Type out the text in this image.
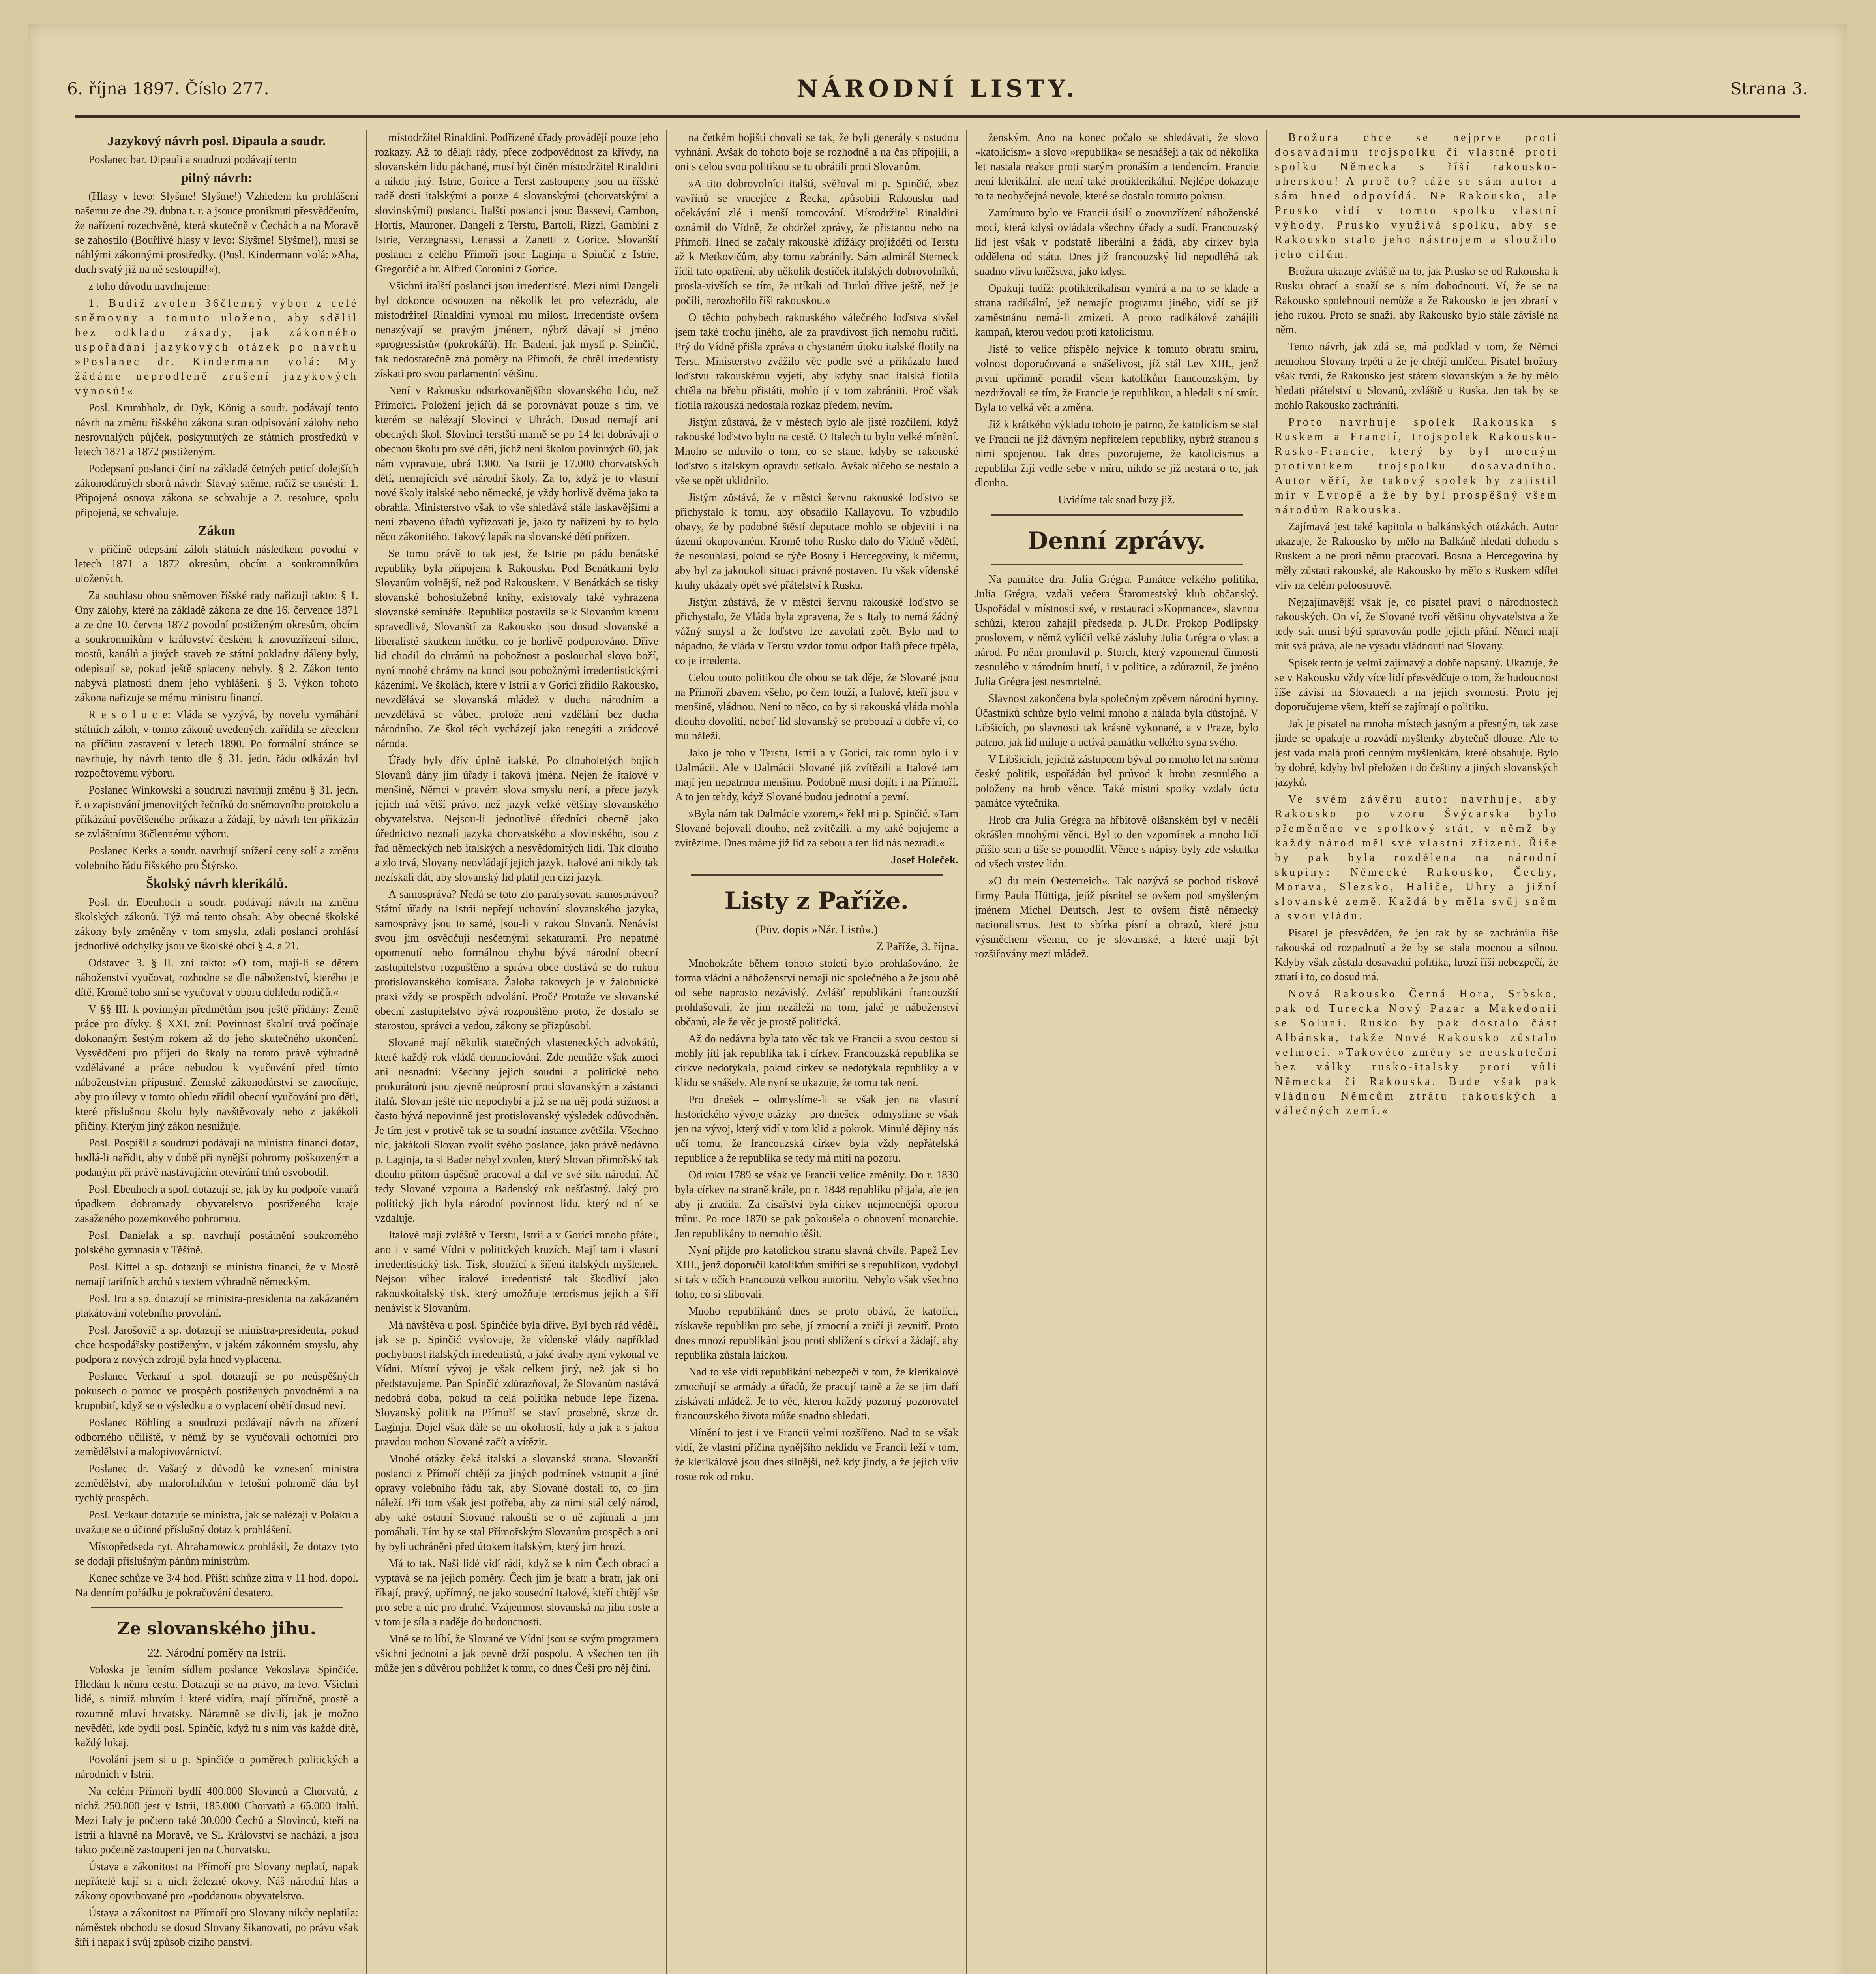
6. října 1897. Číslo 277.	NÁRODNÍ LISTY.	Strana 3.

Jazykový návrh posl. Dipaula a soudr.

Poslanec bar. Dipauli a soudruzi podávají tento

pilný návrh:

(Hlasy v levo: Slyšme! Slyšme!) Vzhledem ku prohlášení našemu ze dne 29. dubna t. r. a jsouce proniknuti přesvědčením, že nařízení rozechvěné, která skutečně v Čechách a na Moravě se zahostilo (Bouřlivé hlasy v levo: Slyšme! Slyšme!), musí se náhlými zákonnými prostředky. (Posl. Kindermann volá: »Aha, duch svatý již na ně sestoupil!«),

z toho důvodu navrhujeme:

1. Budiž zvolen 36členný výbor z celé sněmovny a tomuto uloženo, aby sdělil bez odkladu zásady, jak zákonného uspořádání jazykových otázek po návrhu »Poslanec dr. Kindermann volá: My žádáme neprodleně zrušení jazykových výnosů!«

Posl. Krumbholz, dr. Dyk, König a soudr. podávají tento návrh na změnu říšského zákona stran odpisování zálohy nebo nesrovnalých půjček, poskytnutých ze státních prostředků v letech 1871 a 1872 postiženým.

Podepsaní poslanci činí na základě četných peticí dolejších zákonodárných sborů návrh: Slavný sněme, račiž se usnésti: 1. Připojená osnova zákona se schvaluje a 2. resoluce, spolu připojená, se schvaluje.

Zákon

v příčině odepsání záloh státních následkem povodní v letech 1871 a 1872 okresům, obcím a soukromníkům uložených.

Za souhlasu obou sněmoven říšské rady nařizuji takto: § 1. Ony zálohy, které na základě zákona ze dne 16. července 1871 a ze dne 10. června 1872 povodní postiženým okresům, obcím a soukromníkům v království českém k znovuzřízení silnic, mostů, kanálů a jiných staveb ze státní pokladny dáleny byly, odepisují se, pokud ještě splaceny nebyly. § 2. Zákon tento nabývá platnosti dnem jeho vyhlášení. § 3. Výkon tohoto zákona nařizuje se mému ministru financí.

R e s o l u c e: Vláda se vyzývá, by novelu vymáhání státních záloh, v tomto zákoně uvedených, zařídila se zřetelem na příčinu zastavení v letech 1890. Po formální stránce se navrhuje, by návrh tento dle § 31. jedn. řádu odkázán byl rozpočtovému výboru.

Poslanec Winkowski a soudruzi navrhují změnu § 31. jedn. ř. o zapisování jmenovitých řečníků do sněmovního protokolu a přikázání povětšeného průkazu a žádají, by návrh ten přikázán se zvláštnímu 36člennému výboru.

Poslanec Kerks a soudr. navrhují snížení ceny solí a změnu volebního řádu říšského pro Štýrsko.

Školský návrh klerikálů.

Posl. dr. Ebenhoch a soudr. podávají návrh na změnu školských zákonů. Týž má tento obsah: Aby obecné školské zákony byly změněny v tom smyslu, zdali poslanci prohlásí jednotlivé odchylky jsou ve školské obci § 4. a 21.

Odstavec 3. § II. zní takto: »O tom, mají-li se dětem náboženství vyučovat, rozhodne se dle náboženství, kterého je dítě. Kromě toho smí se vyučovat v oboru dohledu rodičů.«

V §§ III. k povinným předmětům jsou ještě přidány: Země práce pro dívky. § XXI. zní: Povinnost školní trvá počínaje dokonaným šestým rokem až do jeho skutečného ukončení. Vysvědčení pro přijetí do školy na tomto právě výhradně vzdělávané a práce nebudou k vyučování před tímto náboženstvím přípustné. Zemské zákonodárství se zmocňuje, aby pro úlevy v tomto ohledu zřídil obecní vyučování pro děti, které příslušnou školu byly navštěvovaly nebo z jakékoli příčiny. Kterým jiný zákon nesnižuje.

Posl. Pospíšil a soudruzi podávají na ministra financí dotaz, hodlá-li nařídit, aby v době při nynější pohromy poškozeným a podaným při právě nastávajícím otevírání trhů osvobodil.

Posl. Ebenhoch a spol. dotazují se, jak by ku podpoře vinařů úpadkem dohromady obyvatelstvo postiženého kraje zasaženého pozemkového pohromou.

Posl. Danielak a sp. navrhují postátnění soukromého polského gymnasia v Těšíně.

Posl. Kittel a sp. dotazují se ministra financí, že v Mostě nemají tarifních archů s textem výhradně německým.

Posl. Iro a sp. dotazují se ministra-presidenta na zakázaném plakátování volebního provolání.

Posl. Jarošovič a sp. dotazují se ministra-presidenta, pokud chce hospodářsky postiženým, v jakém zákonném smyslu, aby podpora z nových zdrojů byla hned vyplacena.

Poslanec Verkauf a spol. dotazují se po neúspěšných pokusech o pomoc ve prospěch postižených povodněmi a na krupobití, když se o výsledku a o vyplacení obětí dosud neví.

Poslanec Röhling a soudruzi podávají návrh na zřízení odborného učiliště, v němž by se vyučovali ochotníci pro zemědělství a malopivovárnictví.

Poslanec dr. Vašatý z důvodů ke vznesení ministra zemědělství, aby malorolníkům v letošní pohromě dán byl rychlý prospěch.

Posl. Verkauf dotazuje se ministra, jak se nalézají v Poláku a uvažuje se o účinné příslušný dotaz k prohlášení.

Místopředseda ryt. Abrahamowicz prohlásil, že dotazy tyto se dodají příslušným pánům ministrům.

Konec schůze ve 3/4 hod. Příští schůze zítra v 11 hod. dopol. Na denním pořádku je pokračování desatero.

Ze slovanského jihu.

22. Národní poměry na Istrii.

Voloska je letním sídlem poslance Vekoslava Spinčiće. Hledám k němu cestu. Dotazuji se na právo, na levo. Všichni lidé, s nimiž mluvím i které vidím, mají příručně, prostě a rozumně mluví hrvatsky. Náramně se divili, jak je možno nevěděti, kde bydlí posl. Spinčić, když tu s ním vás každé dítě, každý lokaj.

Povolání jsem si u p. Spinčiće o poměrech politických a národních v Istrii.

Na celém Přímoří bydlí 400.000 Slovinců a Chorvatů, z nichž 250.000 jest v Istrii, 185.000 Chorvatů a 65.000 Italů. Mezi Italy je počteno také 30.000 Čechů a Slovinců, kteří na Istrii a hlavně na Moravě, ve Sl. Království se nachází, a jsou takto početně zastoupeni jen na Chorvatsku.

Ústava a zákonitost na Přímoří pro Slovany neplatí, napak nepřátelé kují si a nich železné okovy. Náš národní hlas a zákony opovrhované pro »poddanou« obyvatelstvo.

Ústava a zákonitost na Přímoří pro Slovany nikdy neplatila: náměstek obchodu se dosud Slovany šikanovati, po právu však šíří i napak i svůj způsob cizího panství.

místodržitel Rinaldini. Podřízené úřady provádějí pouze jeho rozkazy. Až to dělají rády, přece zodpovědnost za křivdy, na slovanském lidu páchané, musí být činěn místodržitel Rinaldini a nikdo jiný. Istrie, Gorice a Terst zastoupeny jsou na říšské radě dosti italskými a pouze 4 slovanskými (chorvatskými a slovinskými) poslanci. Italští poslanci jsou: Bassevi, Cambon, Hortis, Mauroner, Dangeli z Terstu, Bartoli, Rizzi, Gambini z Istrie, Verzegnassi, Lenassi a Zanetti z Gorice. Slovanští poslanci z celého Přímoří jsou: Laginja a Spinčić z Istrie, Gregorčič a hr. Alfred Coronini z Gorice.

Všichni italští poslanci jsou irredentisté. Mezi nimi Dangeli byl dokonce odsouzen na několik let pro velezrádu, ale místodržitel Rinaldini vymohl mu milost. Irredentisté ovšem nenazývají se pravým jménem, nýbrž dávají si jméno »progressistů« (pokrokářů). Hr. Badeni, jak myslí p. Spinčić, tak nedostatečně zná poměry na Přímoří, že chtěl irredentisty získati pro svou parlamentní většinu.

Není v Rakousku odstrkovanějšího slovanského lidu, než Přímořci. Položení jejich dá se porovnávat pouze s tím, ve kterém se nalézají Slovinci v Uhrách. Dosud nemají ani obecných škol. Slovinci terstští marně se po 14 let dobrávají o obecnou školu pro své děti, jichž není školou povinných 60, jak nám vypravuje, ubrá 1300. Na Istrii je 17.000 chorvatských dětí, nemajících své národní školy. Za to, když je to vlastní nové školy italské nebo německé, je vždy horlivě dvěma jako ta obrahla. Ministerstvo však to vše shledává stále laskavějšími a není zbaveno úřadů vyřízovati je, jako ty nařízení by to bylo něco zákonitého. Takový lapák na slovanské dětí pořízen.

Se tomu právě to tak jest, že Istrie po pádu benátské republiky byla připojena k Rakousku. Pod Benátkami bylo Slovanům volnější, než pod Rakouskem. V Benátkách se tisky slovanské bohoslužebné knihy, existovaly také vyhrazena slovanské semináře. Republika postavila se k Slovanům kmenu spravedlivě, Slovanští za Rakousko jsou dosud slovanské a liberalisté skutkem hnětku, co je horlivě podporováno. Dříve lid chodil do chrámů na pobožnost a poslouchal slovo boží, nyní mnohé chrámy na konci jsou pobožnými irredentistickými kázeními. Ve školách, které v Istrii a v Gorici zřídilo Rakousko, nevzdělává se slovanská mládež v duchu národním a nevzdělává se vůbec, protože není vzdělání bez ducha národního. Ze škol těch vycházejí jako renegáti a zrádcové národa.

Úřady byly dřív úplně italské. Po dlouholetých bojích Slovanů dány jim úřady i taková jména. Nejen že italové v menšině, Němci v pravém slova smyslu není, a přece jazyk jejich má větší právo, než jazyk velké většiny slovanského obyvatelstva. Nejsou-li jednotlivé úředníci obecně jako úřednictvo neznalí jazyka chorvatského a slovinského, jsou z řad německých neb italských a nesvědomitých lidí. Tak dlouho a zlo trvá, Slovany neovládají jejich jazyk. Italové ani nikdy tak nezískali dát, aby slovanský lid platil jen cizí jazyk.

A samospráva? Nedá se toto zlo paralysovati samosprávou? Státní úřady na Istrii nepřejí uchování slovanského jazyka, samosprávy jsou to samé, jsou-li v rukou Slovanů. Nenávist svou jím osvědčují nesčetnými sekaturami. Pro nepatrné opomenutí nebo formálnou chybu bývá národní obecní zastupitelstvo rozpuštěno a správa obce dostává se do rukou protislovanského komisara. Žaloba takových je v žalobnické praxi vždy se prospěch odvolání. Proč? Protože ve slovanské obecní zastupitelstvo bývá rozpouštěno proto, že dostalo se starostou, správci a vedou, zákony se přizpůsobí.

Slované mají několik statečných vlasteneckých advokátů, které každý rok vládá denunciováni. Zde nemůže však zmoci ani nesnadní: Všechny jejich soudní a politické nebo prokurátorů jsou zjevně neúprosní proti slovanským a zástanci italů. Slovan ještě nic nepochybí a již se na něj podá stížnost a často bývá nepovinně jest protislovanský výsledek odůvodněn. Je tím jest v protivě tak se ta soudní instance zvětšila. Všechno nic, jakákoli Slovan zvolit svého poslance, jako právě nedávno p. Laginja, ta si Bader nebyl zvolen, který Slovan přimořský tak dlouho přitom úspěšně pracoval a dal ve své sílu národní. Ač tedy Slované vzpoura a Badenský rok nešťastný. Jaký pro politický jich byla národní povinnost lidu, který od ní se vzdaluje.

Italové mají zvláště v Terstu, Istrii a v Gorici mnoho přátel, ano i v samé Vídni v politických kruzích. Mají tam i vlastní irredentistický tisk. Tisk, sloužící k šíření italských myšlenek. Nejsou vůbec italové irredentisté tak škodliví jako rakouskoitalský tisk, který umožňuje terorismus jejich a šiří nenávist k Slovanům.

Má návštěva u posl. Spinčiće byla dříve. Byl bych rád věděl, jak se p. Spinčić vyslovuje, že vídenské vlády například pochybnost italských irredentistů, a jaké úvahy nyní vykonal ve Vídni. Místní vývoj je však celkem jiný, než jak si ho představujeme. Pan Spinčić zdůrazňoval, že Slovanům nastává nedobrá doba, pokud ta celá politika nebude lépe řízena. Slovanský politik na Přímoří se staví prosebně, skrze dr. Laginju. Dojel však dále se mi okolností, kdy a jak a s jakou pravdou mohou Slované začít a vítězit.

Mnohé otázky čeká italská a slovanská strana. Slovanští poslanci z Přímoří chtějí za jiných podmínek vstoupit a jiné opravy volebního řádu tak, aby Slované dostali to, co jim náleží. Při tom však jest potřeba, aby za nimi stál celý národ, aby také ostatní Slované rakouští se o ně zajímali a jim pomáhali. Tím by se stal Přímořským Slovanům prospěch a oni by byli uchráněni před útokem italským, který jim hrozí.

Má to tak. Naši lidé vidí rádi, když se k nim Čech obrací a vyptává se na jejich poměry. Čech jim je bratr a bratr, jak oni říkají, pravý, upřímný, ne jako sousední Italové, kteří chtějí vše pro sebe a nic pro druhé. Vzájemnost slovanská na jihu roste a v tom je síla a naděje do budoucnosti.

Mně se to líbí, že Slované ve Vídni jsou se svým programem všichni jednotní a jak pevně drží pospolu. A všechen ten jih může jen s důvěrou pohlížet k tomu, co dnes Češi pro něj činí.

na četkém bojišti chovali se tak, že byli generály s ostudou vyhnáni. Avšak do tohoto boje se rozhodně a na čas připojili, a oni s celou svou politikou se tu obrátili proti Slovanům.

»A tito dobrovolníci italští, svěřoval mi p. Spinčić, »bez vavřínů se vracejíce z Řecka, způsobili Rakousku nad očekávání zlé i menší tomcování. Místodržitel Rinaldini oznámil do Vídně, že obdržel zprávy, že přistanou nebo na Přímoří. Hned se začaly rakouské křižáky projížděti od Terstu až k Metkovičům, aby tomu zabránily. Sám admirál Sterneck řídil tato opatření, aby několik destiček italských dobrovolníků, prosla-vivších se tím, že utíkali od Turků dříve ještě, než je počili, nerozbořilo říši rakouskou.«

O těchto pohybech rakouského válečného loďstva slyšel jsem také trochu jiného, ale za pravdivost jich nemohu ručiti. Prý do Vídně přišla zpráva o chystaném útoku italské flotily na Terst. Ministerstvo zvážilo věc podle své a přikázalo hned loďstvu rakouskému vyjeti, aby kdyby snad italská flotila chtěla na břehu přistáti, mohlo jí v tom zabrániti. Proč však flotila rakouská nedostala rozkaz předem, nevím.

Jistým zůstává, že v městech bylo ale jisté rozčilení, když rakouské loďstvo bylo na cestě. O Italech tu bylo velké mínění. Mnoho se mluvilo o tom, co se stane, kdyby se rakouské loďstvo s italským opravdu setkalo. Avšak ničeho se nestalo a vše se opět uklidnilo.

Jistým zůstává, že v městci šervnu rakouské loďstvo se přichystalo k tomu, aby obsadilo Kallayovu. To vzbudilo obavy, že by podobné štěstí deputace mohlo se objeviti i na území okupovaném. Kromě toho Rusko dalo do Vídně vědětí, že nesouhlasí, pokud se týče Bosny i Hercegoviny, k níčemu, aby byl za jakoukoli situaci právně postaven. Tu však vídenské kruhy ukázaly opět své přátelství k Rusku.

Jistým zůstává, že v městci šervnu rakouské loďstvo se přichystalo, že Vláda byla zpravena, že s Italy to nemá žádný vážný smysl a že loďstvo lze zavolati zpět. Bylo nad to nápadno, že vláda v Terstu vzdor tomu odpor Italů přece trpěla, co je irredenta.

Celou touto politikou dle obou se tak děje, že Slované jsou na Přímoří zbaveni všeho, po čem touží, a Italové, kteří jsou v menšině, vládnou. Není to něco, co by si rakouská vláda mohla dlouho dovoliti, neboť lid slovanský se probouzí a dobře ví, co mu náleží.

Jako je toho v Terstu, Istrii a v Gorici, tak tomu bylo i v Dalmácii. Ale v Dalmácii Slované již zvítězili a Italové tam mají jen nepatrnou menšinu. Podobně musí dojíti i na Přímoří. A to jen tehdy, když Slované budou jednotní a pevní.

»Byla nám tak Dalmácie vzorem,« řekl mi p. Spinčić. »Tam Slované bojovali dlouho, než zvítězili, a my také bojujeme a zvítězíme. Dnes máme již lid za sebou a ten lid nás nezradí.«

Josef Holeček.

Listy z Paříže.

(Pův. dopis »Nár. Listů«.)

Z Paříže, 3. října.

Mnohokráte během tohoto století bylo prohlašováno, že forma vládní a náboženství nemají nic společného a že jsou obě od sebe naprosto nezávislý. Zvlášť republikáni francouzští prohlašovali, že jim nezáleží na tom, jaké je náboženství občanů, ale že věc je prostě politická.

Až do nedávna byla tato věc tak ve Francii a svou cestou si mohly jíti jak republika tak i církev. Francouzská republika se církve nedotýkala, pokud církev se nedotýkala republiky a v klidu se snášely. Ale nyní se ukazuje, že tomu tak není.

Pro dnešek – odmyslíme-li se však jen na vlastní historického vývoje otázky – pro dnešek – odmyslíme se však jen na vývoj, který vidí v tom klid a pokrok. Minulé dějiny nás učí tomu, že francouzská církev byla vždy nepřátelská republice a že republika se tedy má míti na pozoru.

Od roku 1789 se však ve Francii velice změnily. Do r. 1830 byla církev na straně krále, po r. 1848 republiku přijala, ale jen aby ji zradila. Za císařství byla církev nejmocnější oporou trůnu. Po roce 1870 se pak pokoušela o obnovení monarchie. Jen republikány to nemohlo těšit.

Nyní přijde pro katolickou stranu slavná chvíle. Papež Lev XIII., jenž doporučil katolíkům smířiti se s republikou, vydobyl si tak v očích Francouzů velkou autoritu. Nebylo však všechno toho, co si slibovali.

Mnoho republikánů dnes se proto obává, že katolíci, získavše republiku pro sebe, jí zmocní a zničí ji zevnitř. Proto dnes mnozí republikáni jsou proti sblížení s církví a žádají, aby republika zůstala laickou.

Nad to vše vidí republikáni nebezpečí v tom, že klerikálové zmocňují se armády a úřadů, že pracují tajně a že se jim daří získávati mládež. Je to věc, kterou každý pozorný pozorovatel francouzského života může snadno shledati.

Mínění to jest i ve Francii velmi rozšířeno. Nad to se však vidí, že vlastní příčina nynějšího neklidu ve Francii leží v tom, že klerikálové jsou dnes silnější, než kdy jindy, a že jejich vliv roste rok od roku.

ženským. Ano na konec počalo se shledávati, že slovo »katolicism« a slovo »republika« se nesnášejí a tak od několika let nastala reakce proti starým pronáším a tendencím. Francie není klerikální, ale není také protiklerikální. Nejlépe dokazuje to ta neobyčejná nevole, které se dostalo tomuto pokusu.

Zamítnuto bylo ve Francii úsilí o znovuzřízení náboženské moci, která kdysi ovládala všechny úřady a sudí. Francouzský lid jest však v podstatě liberální a žádá, aby církev byla oddělena od státu. Dnes již francouzský lid nepodléhá tak snadno vlivu kněžstva, jako kdysi.

Opakuji tudíž: protiklerikalism vymírá a na to se klade a strana radikální, jež nemajíc programu jiného, vidí se již zaměstnánu nemá-li zmizeti. A proto radikálové zahájili kampaň, kterou vedou proti katolicismu.

Jistě to velice přispělo nejvíce k tomuto obratu smíru, volnost doporučovaná a snášelivost, jíž stál Lev XIII., jenž první upřímně poradil všem katolíkům francouzským, by nezdržovali se tím, že Francie je republikou, a hledali s ní smír. Byla to velká věc a změna.

Již k krátkého výkladu tohoto je patrno, že katolicism se stal ve Francii ne již dávným nepřítelem republiky, nýbrž stranou s nimi spojenou. Tak dnes pozorujeme, že katolicismus a republika žijí vedle sebe v míru, nikdo se již nestará o to, jak dlouho.

Uvidíme tak snad brzy již.

Denní zprávy.

Na památce dra. Julia Grégra. Památce velkého politika, Julia Grégra, vzdali večera Štaromestský klub občanský. Uspořádal v místnosti své, v restauraci »Kopmance«, slavnou schůzi, kterou zahájil předseda p. JUDr. Prokop Podlipský proslovem, v němž vylíčil velké zásluhy Julia Grégra o vlast a národ. Po něm promluvil p. Storch, který vzpomenul činnosti zesnulého v národním hnutí, i v politice, a zdůraznil, že jméno Julia Grégra jest nesmrtelné.

Slavnost zakončena byla společným zpěvem národní hymny. Účastníků schůze bylo velmi mnoho a nálada byla důstojná. V Libšicích, po slavnosti tak krásně vykonané, a v Praze, bylo patrno, jak lid miluje a uctívá památku velkého syna svého.

V Libšicích, jejichž zástupcem býval po mnoho let na sněmu český politik, uspořádán byl průvod k hrobu zesnulého a položeny na hrob věnce. Také místní spolky vzdaly úctu památce výtečníka.

Hrob dra Julia Grégra na hřbitově olšanském byl v neděli okrášlen mnohými věnci. Byl to den vzpomínek a mnoho lidí přišlo sem a tiše se pomodlit. Věnce s nápisy byly zde vskutku od všech vrstev lidu.

»O du mein Oesterreich«. Tak nazývá se pochod tiskové firmy Paula Hüttiga, jejíž písnitel se ovšem pod smyšleným jménem Michel Deutsch. Jest to ovšem čistě německý nacionalismus. Jest to sbírka písní a obrazů, které jsou výsměchem všemu, co je slovanské, a které mají být rozšiřovány mezi mládež.

Brožura chce se nejprve proti dosavadnímu trojspolku či vlastně proti spolku Německa s říší rakousko-uherskou! A proč to? táže se sám autor a sám hned odpovídá. Ne Rakousko, ale Prusko vidí v tomto spolku vlastní výhody. Prusko využívá spolku, aby se Rakousko stalo jeho nástrojem a sloužilo jeho cílům.

Brožura ukazuje zvláště na to, jak Prusko se od Rakouska k Rusku obrací a snaží se s ním dohodnouti. Ví, že se na Rakousko spolehnouti nemůže a že Rakousko je jen zbraní v jeho rukou. Proto se snaží, aby Rakousko bylo stále závislé na něm.

Tento návrh, jak zdá se, má podklad v tom, že Němci nemohou Slovany trpěti a že je chtějí umlčeti. Pisatel brožury však tvrdí, že Rakousko jest státem slovanským a že by mělo hledati přátelství u Slovanů, zvláště u Ruska. Jen tak by se mohlo Rakousko zachrániti.

Proto navrhuje spolek Rakouska s Ruskem a Francií, trojspolek Rakousko-Rusko-Francie, který by byl mocným protivníkem trojspolku dosavadního. Autor věří, že takový spolek by zajistil mír v Evropě a že by byl prospěšný všem národům Rakouska.

Zajímavá jest také kapitola o balkánských otázkách. Autor ukazuje, že Rakousko by mělo na Balkáně hledati dohodu s Ruskem a ne proti němu pracovati. Bosna a Hercegovina by měly zůstati rakouské, ale Rakousko by mělo s Ruskem sdílet vliv na celém poloostrově.

Nejzajímavější však je, co pisatel praví o národnostech rakouských. On ví, že Slované tvoří většinu obyvatelstva a že tedy stát musí býti spravován podle jejich přání. Němci mají mít svá práva, ale ne výsadu vládnouti nad Slovany.

Spisek tento je velmi zajímavý a dobře napsaný. Ukazuje, že se v Rakousku vždy více lidí přesvědčuje o tom, že budoucnost říše závisí na Slovanech a na jejich svornosti. Proto jej doporučujeme všem, kteří se zajímají o politiku.

Jak je pisatel na mnoha místech jasným a přesným, tak zase jinde se opakuje a rozvádí myšlenky zbytečně dlouze. Ale to jest vada malá proti cenným myšlenkám, které obsahuje. Bylo by dobré, kdyby byl přeložen i do češtiny a jiných slovanských jazyků.

Ve svém závěru autor navrhuje, aby Rakousko po vzoru Švýcarska bylo přeměněno ve spolkový stát, v němž by každý národ měl své vlastní zřízení. Říše by pak byla rozdělena na národní skupiny: Německé Rakousko, Čechy, Morava, Slezsko, Haliče, Uhry a jižní slovanské země. Každá by měla svůj sněm a svou vládu.

Pisatel je přesvědčen, že jen tak by se zachránila říše rakouská od rozpadnutí a že by se stala mocnou a silnou. Kdyby však zůstala dosavadní politika, hrozí říši nebezpečí, že ztratí i to, co dosud má.

Nová Rakousko Černá Hora, Srbsko, pak od Turecka Nový Pazar a Makedonii se Soluní. Rusko by pak dostalo část Albánska, takže Nové Rakousko zůstalo velmocí. »Takovéto změny se neuskuteční bez války rusko-italsky proti vůli Německa či Rakouska. Bude však pak vládnou Němcům ztrátu rakouských a válečných zemí.«
